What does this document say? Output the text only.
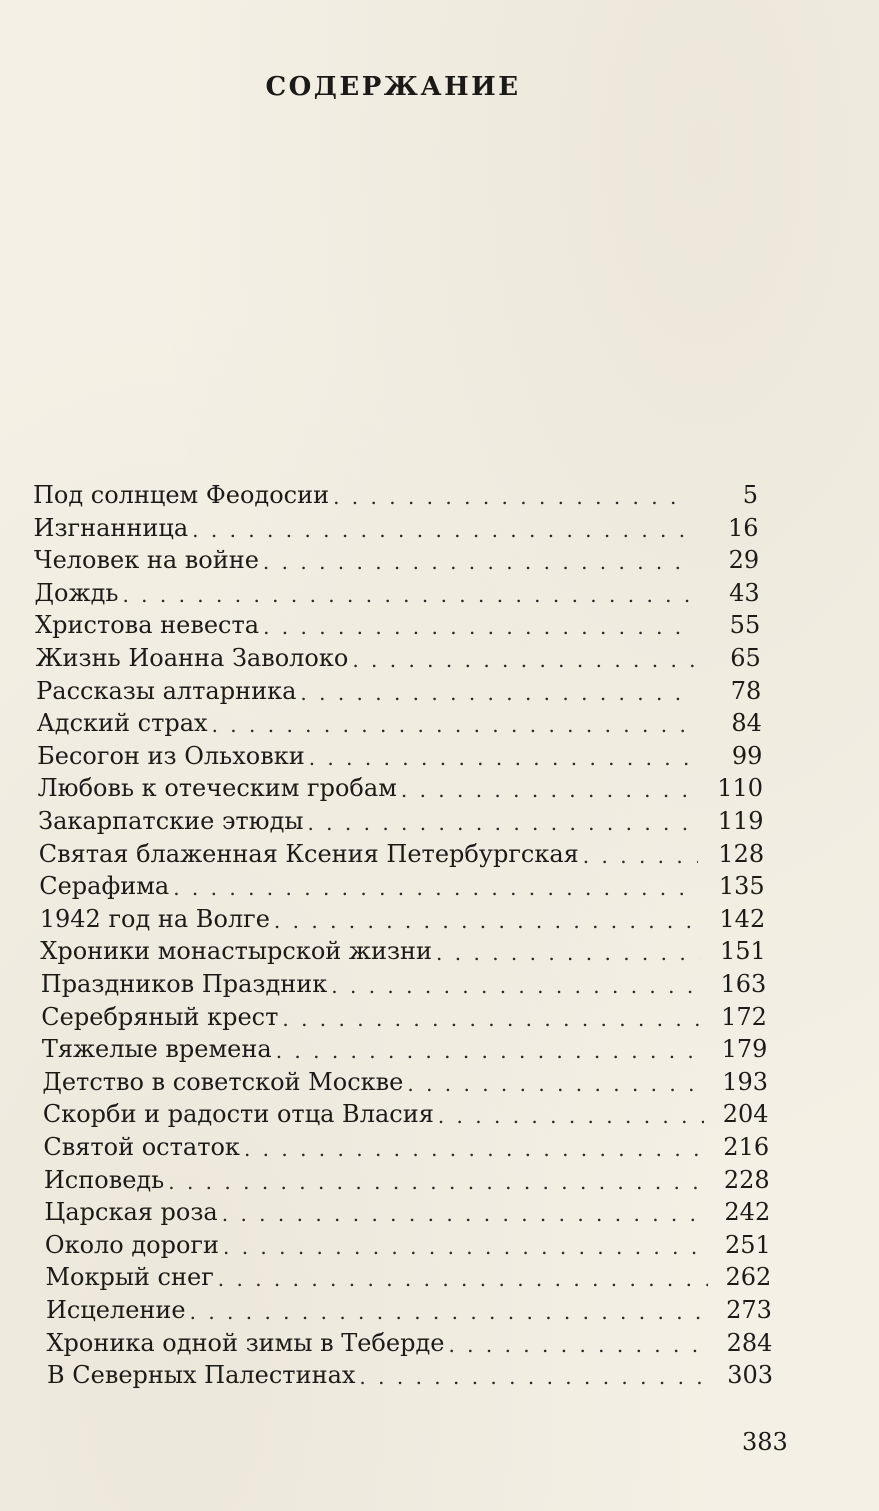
СОДЕРЖАНИЕ
Под солнцем Феодосии . . .	5
Изгнанница . . .	16
Человек на войне . . .	29
Дождь . . .	43
Христова невеста . . .	55
Жизнь Иоанна Заволоко . . .	65
Рассказы алтарника . . .	78
Адский страх . . .	84
Бесогон из Ольховки . . .	99
Любовь к отеческим гробам . . .	110
Закарпатские этюды . . .	119
Святая блаженная Ксения Петербургская . . .	128
Серафима . . .	135
1942 год на Волге . . .	142
Хроники монастырской жизни . . .	151
Праздников Праздник . . .	163
Серебряный крест . . .	172
Тяжелые времена . . .	179
Детство в советской Москве . . .	193
Скорби и радости отца Власия . . .	204
Святой остаток . . .	216
Исповедь . . .	228
Царская роза . . .	242
Около дороги . . .	251
Мокрый снег . . .	262
Исцеление . . .	273
Хроника одной зимы в Теберде . . .	284
В Северных Палестинах . . .	303
383
